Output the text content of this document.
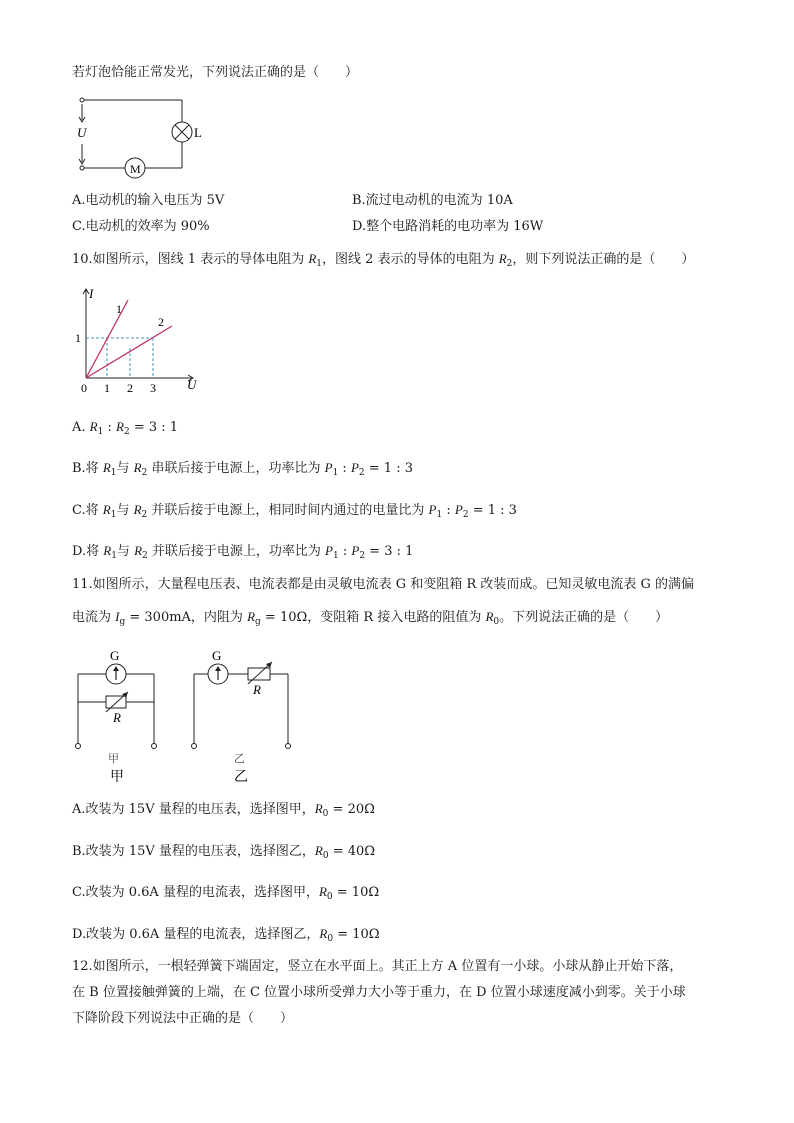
若灯泡恰能正常发光，下列说法正确的是（　　）
U	L
M
A.电动机的输入电压为 5V	B.流过电动机的电流为 10A
C.电动机的效率为 90%	D.整个电路消耗的电功率为 16W
10.如图所示，图线 1 表示的导体电阻为 $R_1$，图线 2 表示的导体的电阻为 $R_2$，则下列说法正确的是（　　）
I
U
0
1
1 2 3
1
2
A. $R_1$ : $R_2 = 3$ : 1
B.将 $R_1$与 $R_2$ 串联后接于电源上，功率比为 $P_1$ : $P_2 = 1$ : 3
C.将 $R_1$与 $R_2$ 并联后接于电源上，相同时间内通过的电量比为 $P_1$ : $P_2 = 1$ : 3
D.将 $R_1$与 $R_2$ 并联后接于电源上，功率比为 $P_1$ : $P_2 = 3$ : 1
11.如图所示，大量程电压表、电流表都是由灵敏电流表 G 和变阻箱 R 改装而成。已知灵敏电流表 G 的满偏
电流为 $I_g = 300mA$，内阻为 $R_g = 10\Omega$，变阻箱 R 接入电路的阻值为 $R_0$。下列说法正确的是（　　）
G
R
甲
甲
G
R
乙
乙
A.改装为 15V 量程的电压表，选择图甲，$R_0 = 20\Omega$
B.改装为 15V 量程的电压表，选择图乙，$R_0 = 40\Omega$
C.改装为 0.6A 量程的电流表，选择图甲，$R_0 = 10\Omega$
D.改装为 0.6A 量程的电流表，选择图乙，$R_0 = 10\Omega$
12.如图所示，一根轻弹簧下端固定，竖立在水平面上。其正上方 A 位置有一小球。小球从静止开始下落，
在 B 位置接触弹簧的上端，在 C 位置小球所受弹力大小等于重力，在 D 位置小球速度减小到零。关于小球
下降阶段下列说法中正确的是（　　）
